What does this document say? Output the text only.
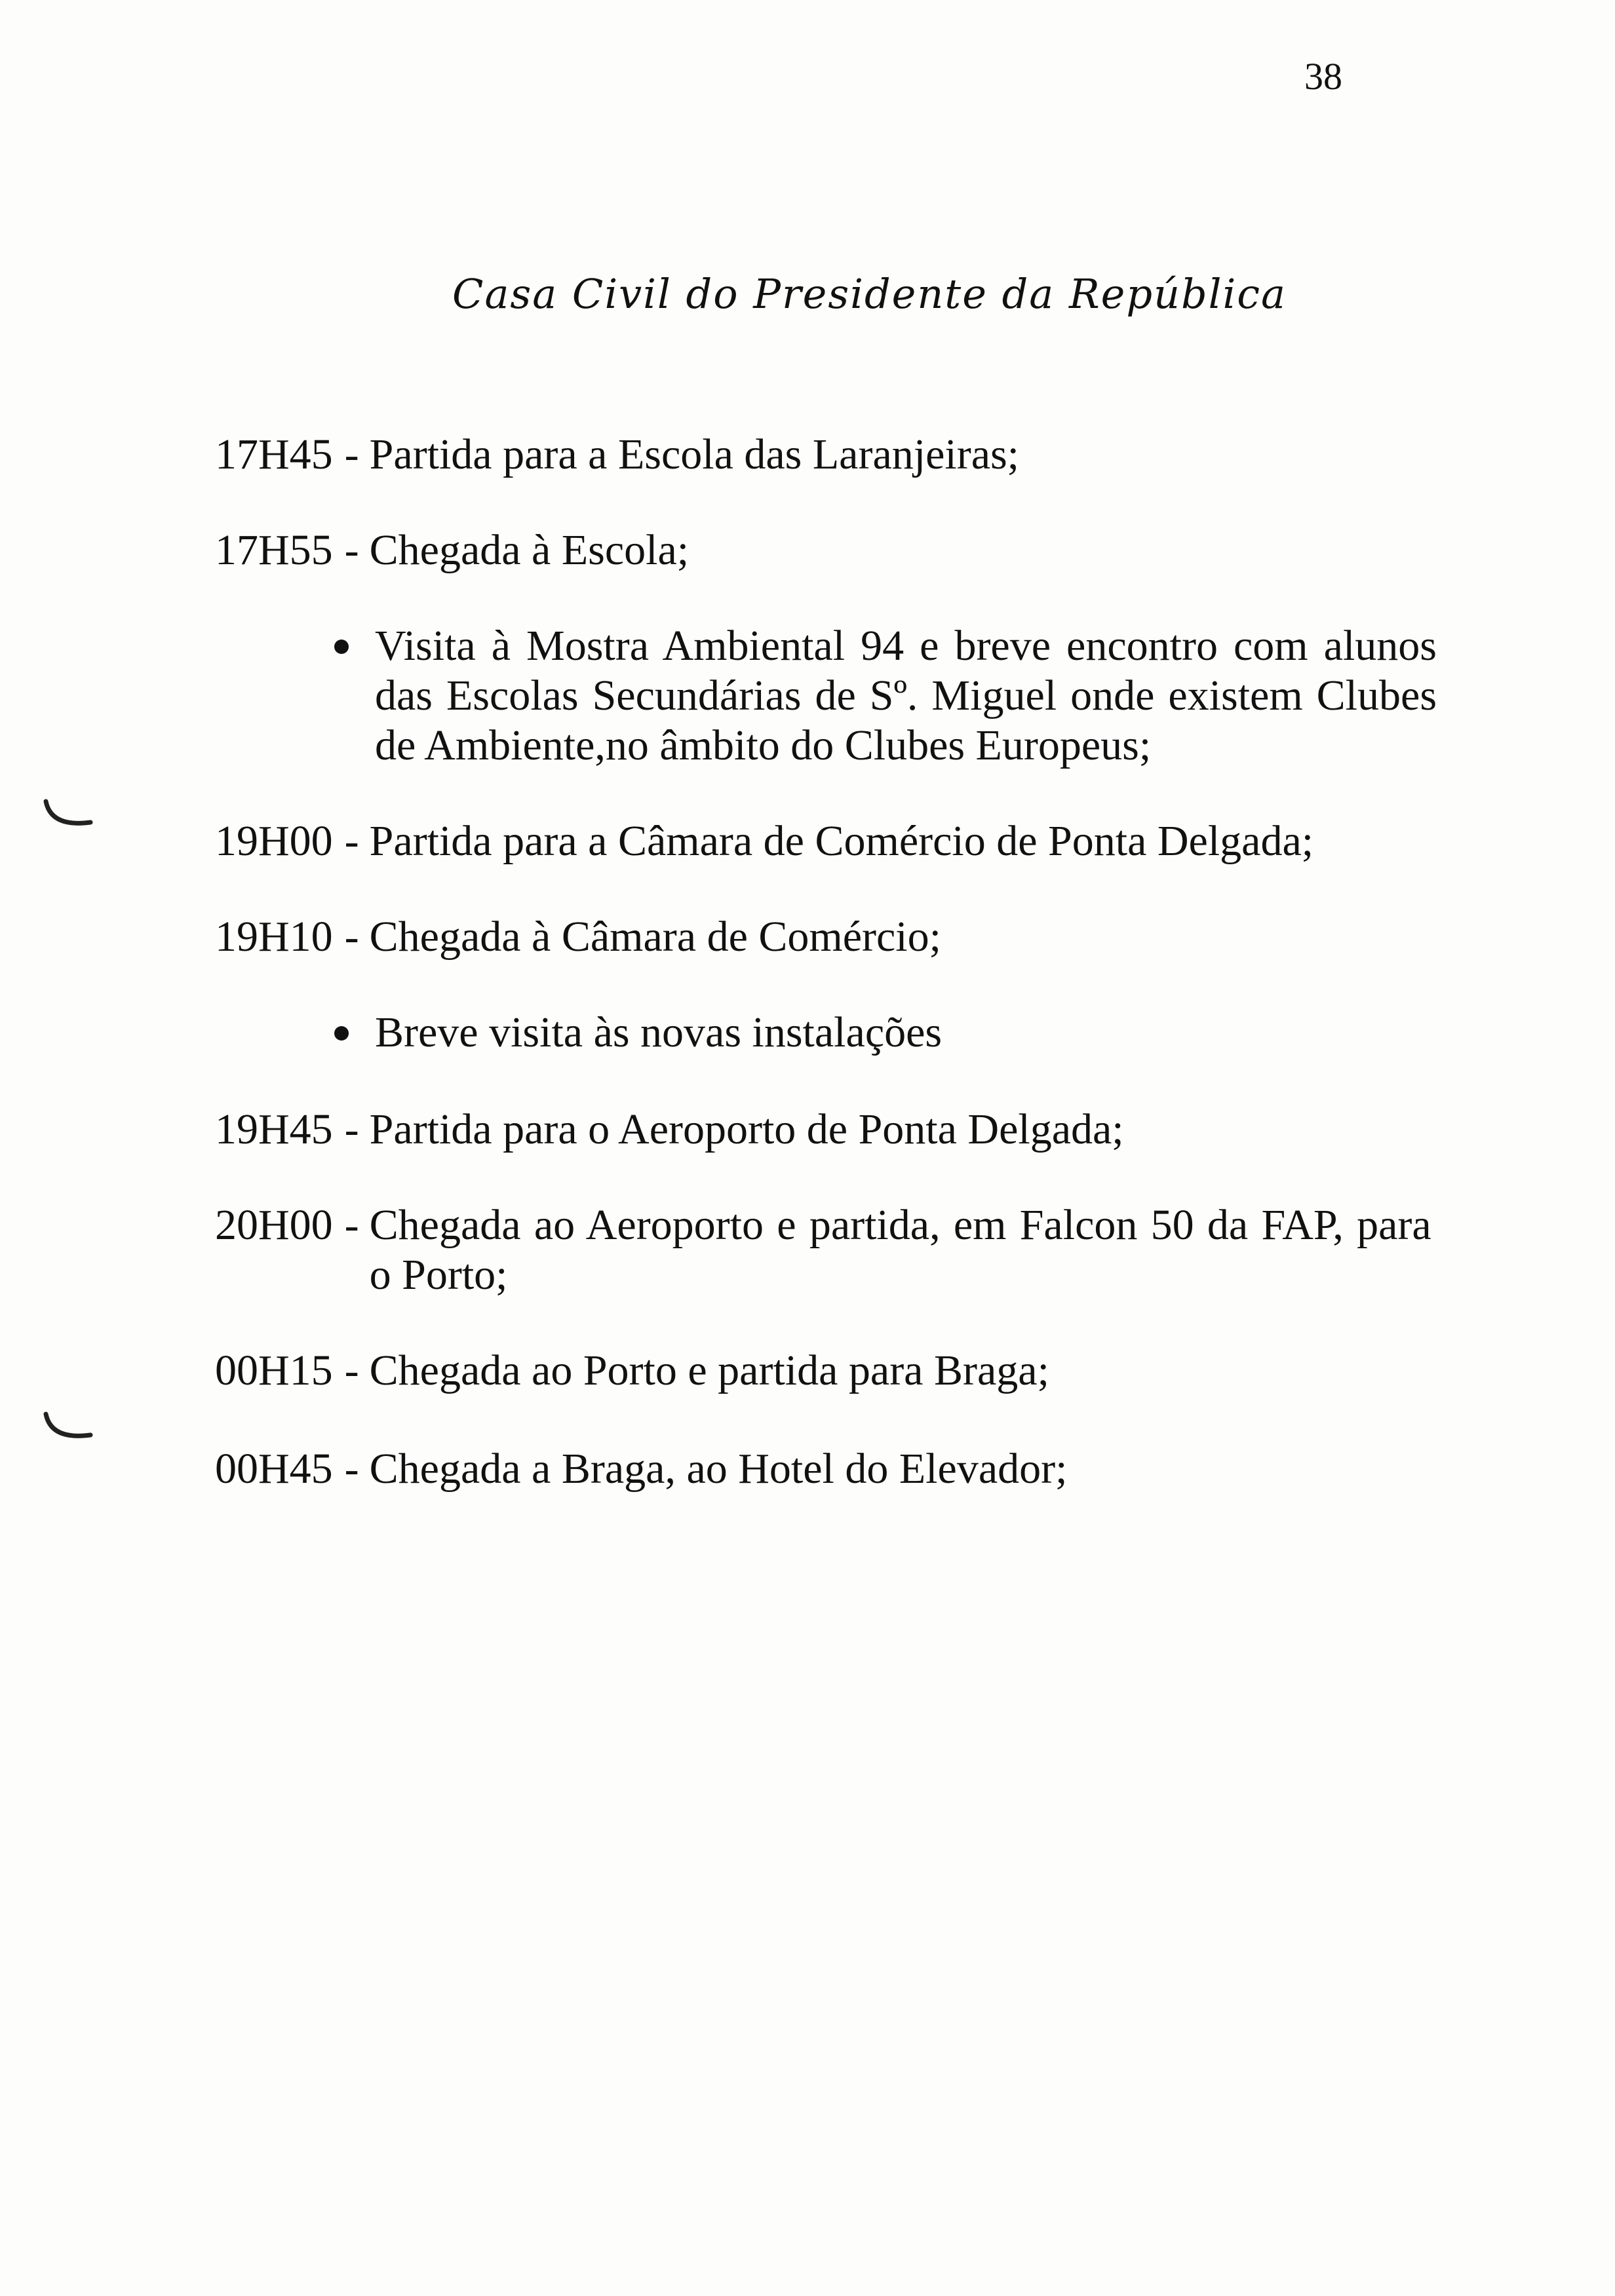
38
Casa Civil do Presidente da República
17H45 - Partida para a Escola das Laranjeiras;
17H55 - Chegada à Escola;
Visita à Mostra Ambiental 94 e breve encontro com alunos das Escolas Secundárias de Sº. Miguel onde existem Clubes de Ambiente,no âmbito do Clubes Europeus;
19H00 - Partida para a Câmara de Comércio de Ponta Delgada;
19H10 - Chegada à Câmara de Comércio;
Breve visita às novas instalações
19H45 - Partida para o Aeroporto de Ponta Delgada;
20H00 - Chegada ao Aeroporto e partida, em Falcon 50 da FAP, para o Porto;
00H15 - Chegada ao Porto e partida para Braga;
00H45 - Chegada a Braga, ao Hotel do Elevador;
